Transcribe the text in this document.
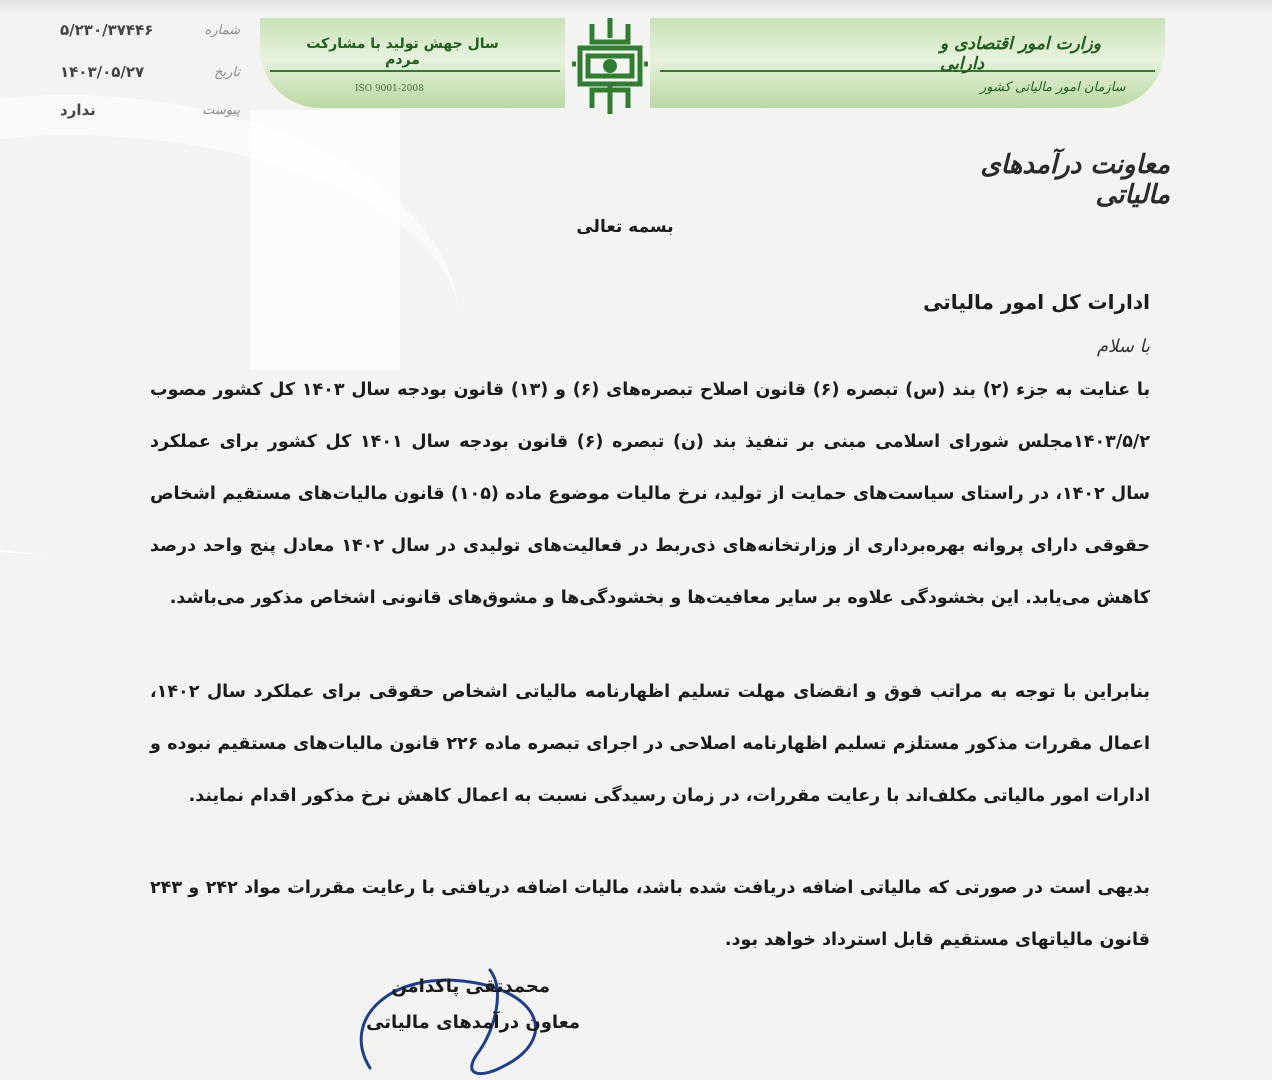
سال جهش تولید با مشارکت مردم
ISO 9001-2008
وزارت امور اقتصادی و دارایی
سازمان امور مالیاتی کشور
شماره
۵/۲۳۰/۳۷۴۴۶
تاریخ
۱۴۰۳/۰۵/۲۷
پیوست
ندارد
معاونت درآمدهای مالیاتی
بسمه تعالی
ادارات کل امور مالیاتی
با سلام

با عنایت به جزء (۲) بند (س) تبصره (۶) قانون اصلاح تبصره‌های (۶) و (۱۳) قانون بودجه سال ۱۴۰۳ کل کشور مصوب ۱۴۰۳/۵/۲مجلس شورای اسلامی مبنی بر تنفیذ بند (ن) تبصره (۶) قانون بودجه سال ۱۴۰۱ کل کشور برای عملکرد سال ۱۴۰۲، در راستای سیاست‌های حمایت از تولید، نرخ مالیات موضوع ماده (۱۰۵) قانون مالیات‌های مستقیم اشخاص حقوقی دارای پروانه بهره‌برداری از وزارتخانه‌های ذی‌ربط در فعالیت‌های تولیدی در سال ۱۴۰۲ معادل پنج واحد درصد کاهش می‌یابد. این بخشودگی علاوه بر سایر معافیت‌ها و بخشودگی‌ها و مشوق‌های قانونی اشخاص مذکور می‌باشد.

بنابراین با توجه به مراتب فوق و انقضای مهلت تسلیم اظهارنامه مالیاتی اشخاص حقوقی برای عملکرد سال ۱۴۰۲، اعمال مقررات مذکور مستلزم تسلیم اظهارنامه اصلاحی در اجرای تبصره ماده ۲۲۶ قانون مالیات‌های مستقیم نبوده و ادارات امور مالیاتی مکلف‌اند با رعایت مقررات، در زمان رسیدگی نسبت به اعمال کاهش نرخ مذکور اقدام نمایند.

بدیهی است در صورتی که مالیاتی اضافه دریافت شده باشد، مالیات اضافه دریافتی با رعایت مقررات مواد ۲۴۲ و ۲۴۳ قانون مالیاتهای مستقیم قابل استرداد خواهد بود.

محمدتقی پاکدامن
معاون درآمدهای مالیاتی
